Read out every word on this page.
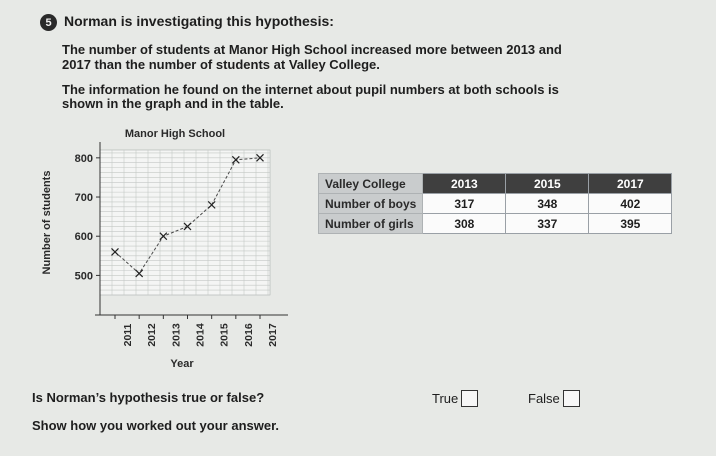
5 Norman is investigating this hypothesis:
The number of students at Manor High School increased more between 2013 and 2017 than the number of students at Valley College.
The information he found on the internet about pupil numbers at both schools is shown in the graph and in the table.
Manor High School
500
600
700
800
Number of students
2011 2012 2013 2014 2015 2016 2017
Year
Valley College	2013	2015	2017
Number of boys	317	348	402
Number of girls	308	337	395
Is Norman’s hypothesis true or false?	True	False
Show how you worked out your answer.
